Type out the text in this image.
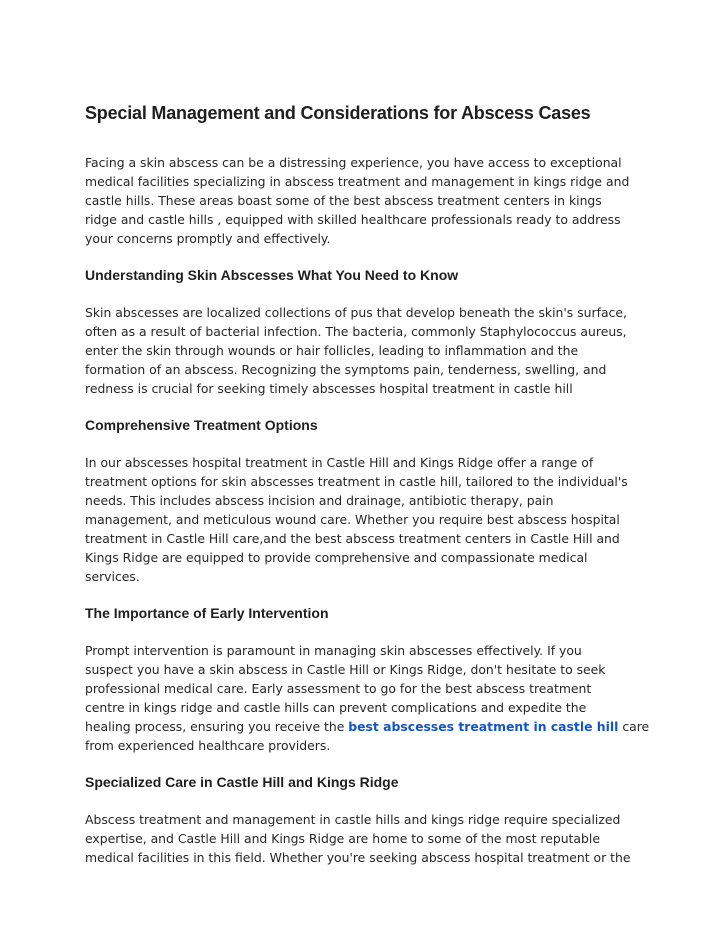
Special Management and Considerations for Abscess Cases

Facing a skin abscess can be a distressing experience, you have access to exceptional
medical facilities specializing in abscess treatment and management in kings ridge and
castle hills. These areas boast some of the best abscess treatment centers in kings
ridge and castle hills , equipped with skilled healthcare professionals ready to address
your concerns promptly and effectively.

Understanding Skin Abscesses What You Need to Know

Skin abscesses are localized collections of pus that develop beneath the skin's surface,
often as a result of bacterial infection. The bacteria, commonly Staphylococcus aureus,
enter the skin through wounds or hair follicles, leading to inflammation and the
formation of an abscess. Recognizing the symptoms pain, tenderness, swelling, and
redness is crucial for seeking timely abscesses hospital treatment in castle hill

Comprehensive Treatment Options

In our abscesses hospital treatment in Castle Hill and Kings Ridge offer a range of
treatment options for skin abscesses treatment in castle hill, tailored to the individual's
needs. This includes abscess incision and drainage, antibiotic therapy, pain
management, and meticulous wound care. Whether you require best abscess hospital
treatment in Castle Hill care,and the best abscess treatment centers in Castle Hill and
Kings Ridge are equipped to provide comprehensive and compassionate medical
services.

The Importance of Early Intervention

Prompt intervention is paramount in managing skin abscesses effectively. If you
suspect you have a skin abscess in Castle Hill or Kings Ridge, don't hesitate to seek
professional medical care. Early assessment to go for the best abscess treatment
centre in kings ridge and castle hills can prevent complications and expedite the
healing process, ensuring you receive the best abscesses treatment in castle hill care
from experienced healthcare providers.

Specialized Care in Castle Hill and Kings Ridge

Abscess treatment and management in castle hills and kings ridge require specialized
expertise, and Castle Hill and Kings Ridge are home to some of the most reputable
medical facilities in this field. Whether you're seeking abscess hospital treatment or the
